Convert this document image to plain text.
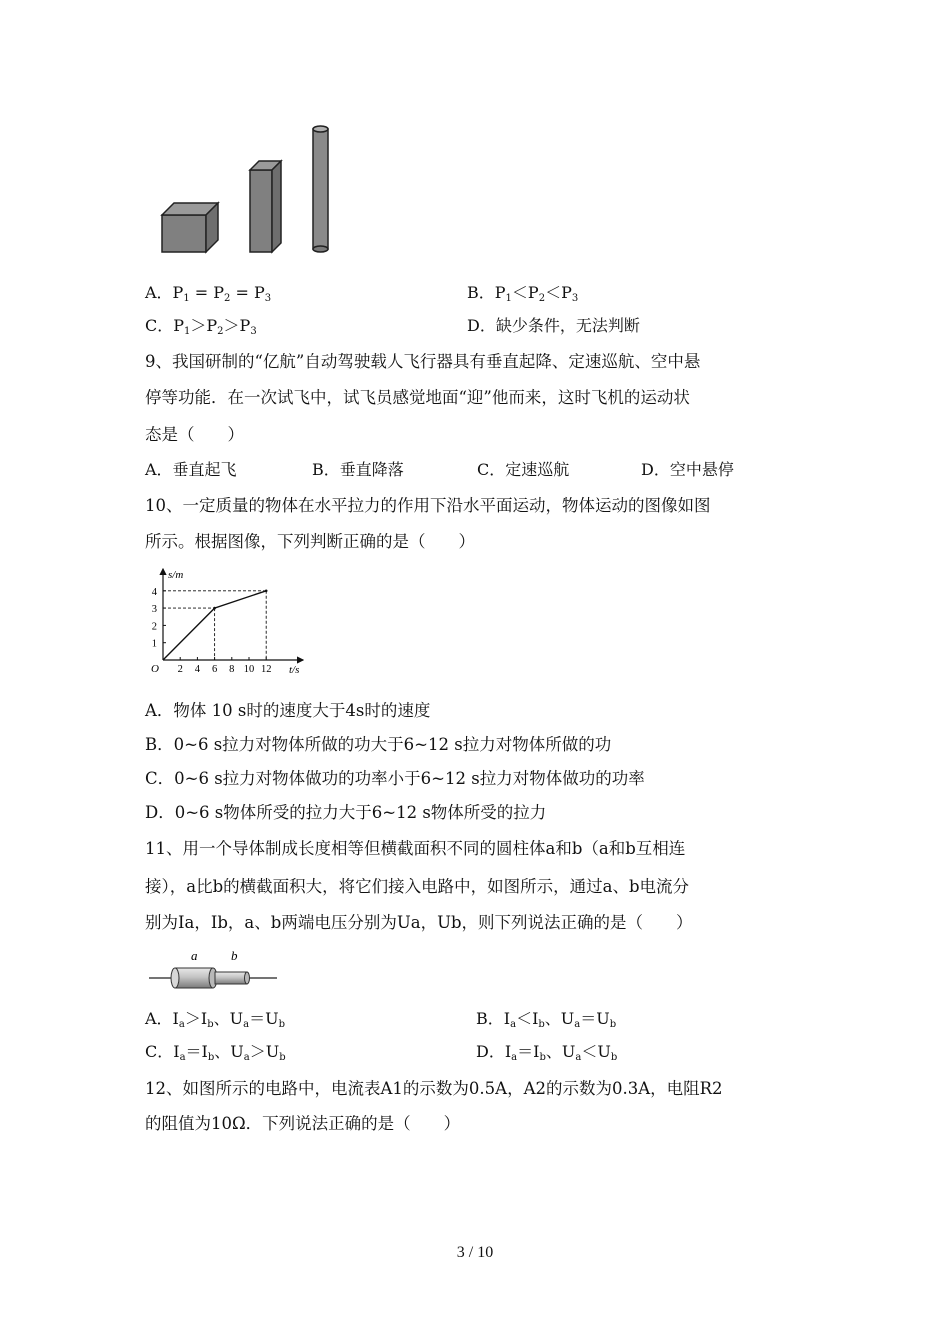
A．$P_1 = P_2 = P_3$	B．$P_1<P_2<P_3$
C．$P_1>P_2>P_3$	D．缺少条件，无法判断
9、我国研制的“亿航”自动驾驶载人飞行器具有垂直起降、定速巡航、空中悬
停等功能．在一次试飞中，试飞员感觉地面“迎”他而来，这时飞机的运动状
态是（　　）
A．垂直起飞	B．垂直降落	C．定速巡航	D．空中悬停
10、一定质量的物体在水平拉力的作用下沿水平面运动，物体运动的图像如图
所示。根据图像，下列判断正确的是（　　）
2 4 6 8 10 12
1
2
3
4
s/m
t/s
O
A．物体 10 s时的速度大于4s时的速度
B．0~6 s拉力对物体所做的功大于6~12 s拉力对物体所做的功
C．0~6 s拉力对物体做功的功率小于6~12 s拉力对物体做功的功率
D．0~6 s物体所受的拉力大于6~12 s物体所受的拉力
11、用一个导体制成长度相等但横截面积不同的圆柱体a和b（a和b互相连
接），a比b的横截面积大，将它们接入电路中，如图所示，通过a、b电流分
别为Ia，Ib，a、b两端电压分别为Ua，Ub，则下列说法正确的是（　　）
a	b
A．$I_a>I_b$、$U_a=U_b$	B．$I_a<I_b$、$U_a=U_b$
C．$I_a=I_b$、$U_a>U_b$	D．$I_a=I_b$、$U_a<U_b$
12、如图所示的电路中，电流表A1的示数为0.5A，A2的示数为0.3A，电阻R2
的阻值为10Ω．下列说法正确的是（　　）
3 / 10
